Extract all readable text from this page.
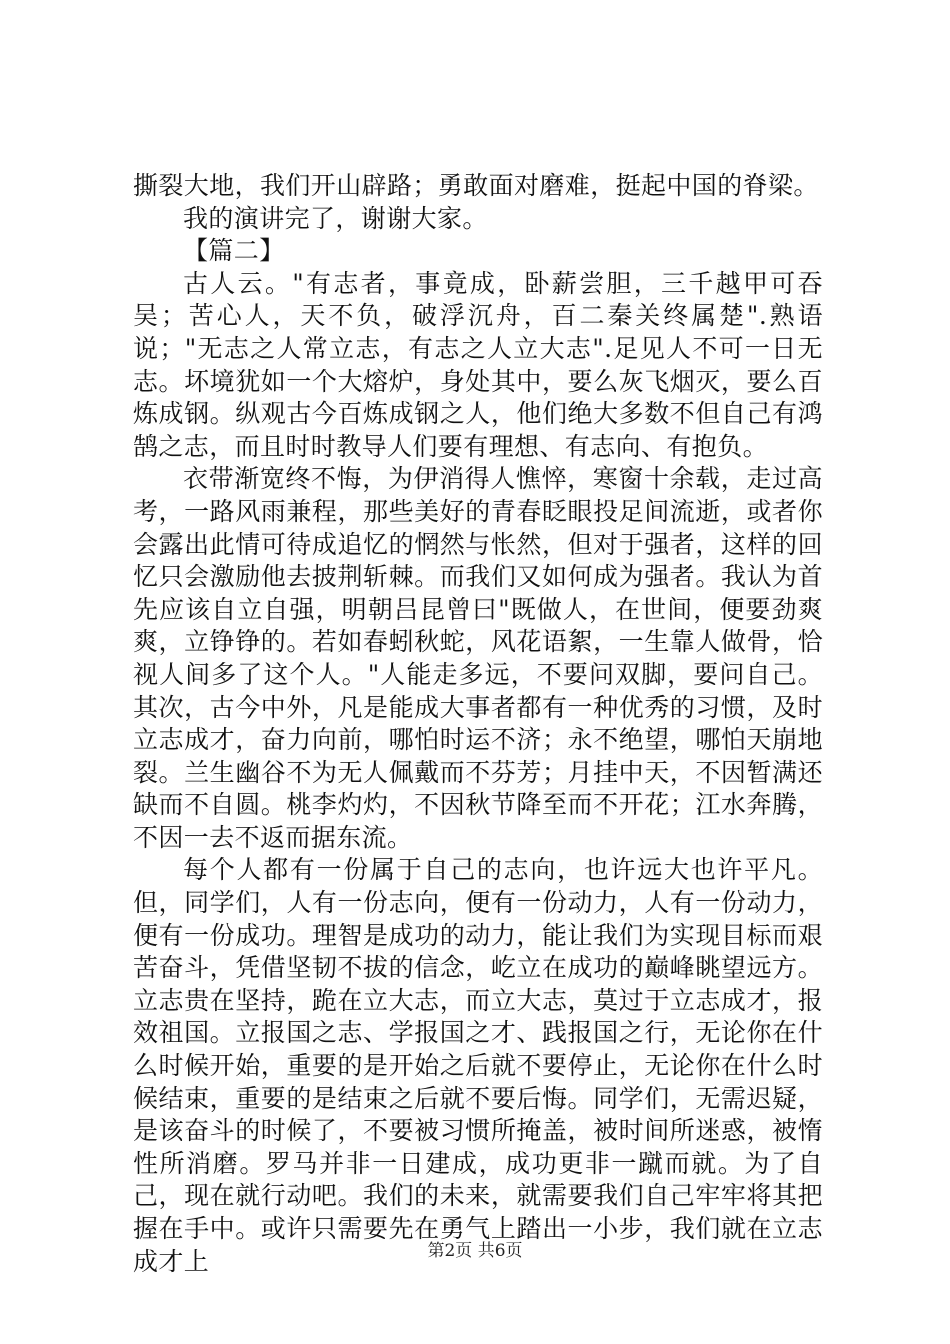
撕裂大地，我们开山辟路；勇敢面对磨难，挺起中国的脊梁。

我的演讲完了，谢谢大家。

【篇二】

古人云。"有志者，事竟成，卧薪尝胆，三千越甲可吞吴；苦心人，天不负，破浮沉舟，百二秦关终属楚".熟语说；"无志之人常立志，有志之人立大志".足见人不可一日无志。坏境犹如一个大熔炉，身处其中，要么灰飞烟灭，要么百炼成钢。纵观古今百炼成钢之人，他们绝大多数不但自己有鸿鹄之志，而且时时教导人们要有理想、有志向、有抱负。

衣带渐宽终不悔，为伊消得人憔悴，寒窗十余载，走过高考，一路风雨兼程，那些美好的青春眨眼投足间流逝，或者你会露出此情可待成追忆的惘然与怅然，但对于强者，这样的回忆只会激励他去披荆斩棘。而我们又如何成为强者。我认为首先应该自立自强，明朝吕昆曾曰"既做人，在世间，便要劲爽爽，立铮铮的。若如春蚓秋蛇，风花语絮，一生靠人做骨，恰视人间多了这个人。"人能走多远，不要问双脚，要问自己。其次，古今中外，凡是能成大事者都有一种优秀的习惯，及时立志成才，奋力向前，哪怕时运不济；永不绝望，哪怕天崩地裂。兰生幽谷不为无人佩戴而不芬芳；月挂中天，不因暂满还缺而不自圆。桃李灼灼，不因秋节降至而不开花；江水奔腾，不因一去不返而据东流。

每个人都有一份属于自己的志向，也许远大也许平凡。但，同学们，人有一份志向，便有一份动力，人有一份动力，便有一份成功。理智是成功的动力，能让我们为实现目标而艰苦奋斗，凭借坚韧不拔的信念，屹立在成功的巅峰眺望远方。立志贵在坚持，跪在立大志，而立大志，莫过于立志成才，报效祖国。立报国之志、学报国之才、践报国之行，无论你在什么时候开始，重要的是开始之后就不要停止，无论你在什么时候结束，重要的是结束之后就不要后悔。同学们，无需迟疑，是该奋斗的时候了，不要被习惯所掩盖，被时间所迷惑，被惰性所消磨。罗马并非一日建成，成功更非一蹴而就。为了自己，现在就行动吧。我们的未来，就需要我们自己牢牢将其把握在手中。或许只需要先在勇气上踏出一小步，我们就在立志成才上	第2页 共6页
